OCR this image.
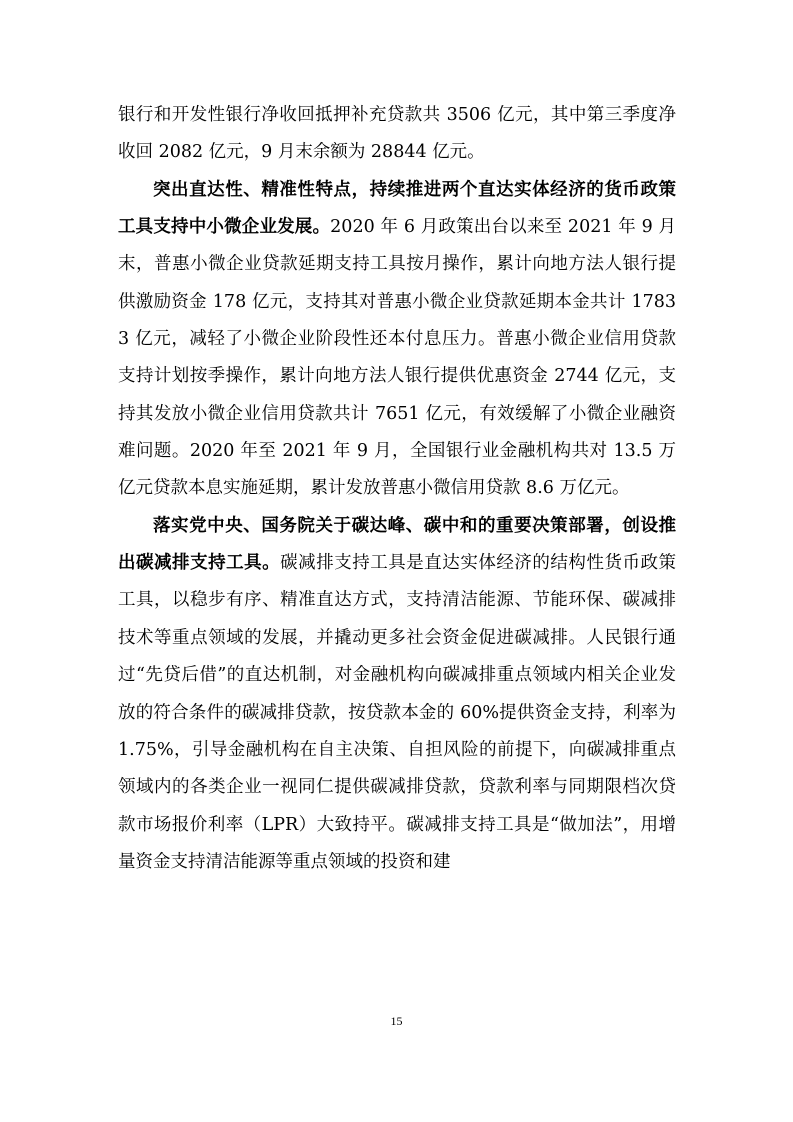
银行和开发性银行净收回抵押补充贷款共 3506 亿元，其中第三季度净收回 2082 亿元，9 月末余额为 28844 亿元。

突出直达性、精准性特点，持续推进两个直达实体经济的货币政策工具支持中小微企业发展。2020 年 6 月政策出台以来至 2021 年 9 月末，普惠小微企业贷款延期支持工具按月操作，累计向地方法人银行提供激励资金 178 亿元，支持其对普惠小微企业贷款延期本金共计 17833 亿元，减轻了小微企业阶段性还本付息压力。普惠小微企业信用贷款支持计划按季操作，累计向地方法人银行提供优惠资金 2744 亿元，支持其发放小微企业信用贷款共计 7651 亿元，有效缓解了小微企业融资难问题。2020 年至 2021 年 9 月，全国银行业金融机构共对 13.5 万亿元贷款本息实施延期，累计发放普惠小微信用贷款 8.6 万亿元。

落实党中央、国务院关于碳达峰、碳中和的重要决策部署，创设推出碳减排支持工具。碳减排支持工具是直达实体经济的结构性货币政策工具，以稳步有序、精准直达方式，支持清洁能源、节能环保、碳减排技术等重点领域的发展，并撬动更多社会资金促进碳减排。人民银行通过“先贷后借”的直达机制，对金融机构向碳减排重点领域内相关企业发放的符合条件的碳减排贷款，按贷款本金的 60%提供资金支持，利率为 1.75%，引导金融机构在自主决策、自担风险的前提下，向碳减排重点领域内的各类企业一视同仁提供碳减排贷款，贷款利率与同期限档次贷款市场报价利率（LPR）大致持平。碳减排支持工具是“做加法”，用增量资金支持清洁能源等重点领域的投资和建

15
